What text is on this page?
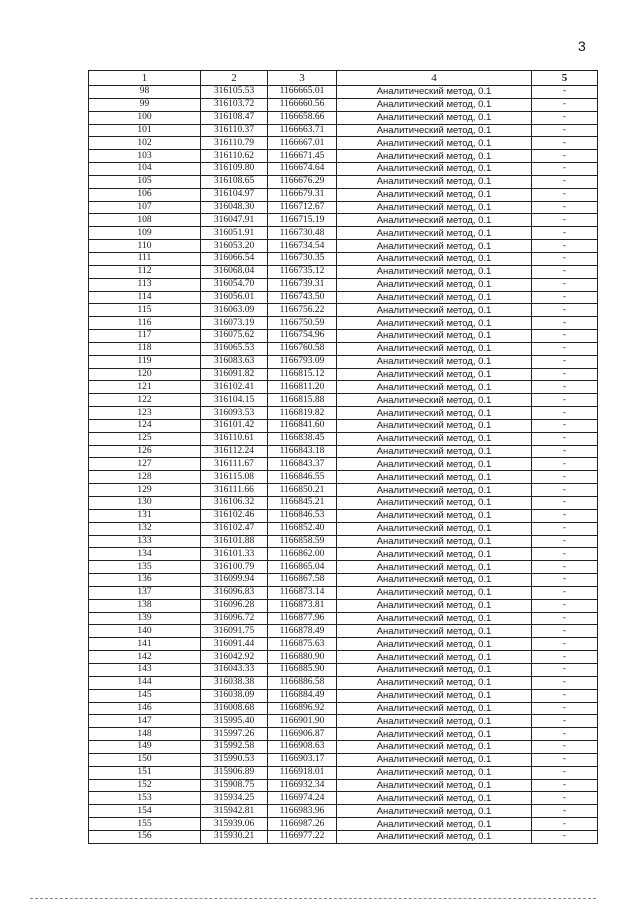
3
1	2	3	4	5
98	316105.53	1166665.01	Аналитический метод, 0.1	-
99	316103.72	1166660.56	Аналитический метод, 0.1	-
100	316108.47	1166658.66	Аналитический метод, 0.1	-
101	316110.37	1166663.71	Аналитический метод, 0.1	-
102	316110.79	1166667.01	Аналитический метод, 0.1	-
103	316110.62	1166671.45	Аналитический метод, 0.1	-
104	316109.80	1166674.64	Аналитический метод, 0.1	-
105	316108.65	1166676.29	Аналитический метод, 0.1	-
106	316104.97	1166679.31	Аналитический метод, 0.1	-
107	316048.30	1166712.67	Аналитический метод, 0.1	-
108	316047.91	1166715.19	Аналитический метод, 0.1	-
109	316051.91	1166730.48	Аналитический метод, 0.1	-
110	316053.20	1166734.54	Аналитический метод, 0.1	-
111	316066.54	1166730.35	Аналитический метод, 0.1	-
112	316068.04	1166735.12	Аналитический метод, 0.1	-
113	316054.70	1166739.31	Аналитический метод, 0.1	-
114	316056.01	1166743.50	Аналитический метод, 0.1	-
115	316063.09	1166756.22	Аналитический метод, 0.1	-
116	316073.19	1166750.59	Аналитический метод, 0.1	-
117	316075.62	1166754.96	Аналитический метод, 0.1	-
118	316065.53	1166760.58	Аналитический метод, 0.1	-
119	316083.63	1166793.09	Аналитический метод, 0.1	-
120	316091.82	1166815.12	Аналитический метод, 0.1	-
121	316102.41	1166811.20	Аналитический метод, 0.1	-
122	316104.15	1166815.88	Аналитический метод, 0.1	-
123	316093.53	1166819.82	Аналитический метод, 0.1	-
124	316101.42	1166841.60	Аналитический метод, 0.1	-
125	316110.61	1166838.45	Аналитический метод, 0.1	-
126	316112.24	1166843.18	Аналитический метод, 0.1	-
127	316111.67	1166843.37	Аналитический метод, 0.1	-
128	316115.08	1166846.55	Аналитический метод, 0.1	-
129	316111.66	1166850.21	Аналитический метод, 0.1	-
130	316106.32	1166845.21	Аналитический метод, 0.1	-
131	316102.46	1166846.53	Аналитический метод, 0.1	-
132	316102.47	1166852.40	Аналитический метод, 0.1	-
133	316101.88	1166858.59	Аналитический метод, 0.1	-
134	316101.33	1166862.00	Аналитический метод, 0.1	-
135	316100.79	1166865.04	Аналитический метод, 0.1	-
136	316099.94	1166867.58	Аналитический метод, 0.1	-
137	316096.83	1166873.14	Аналитический метод, 0.1	-
138	316096.28	1166873.81	Аналитический метод, 0.1	-
139	316096.72	1166877.96	Аналитический метод, 0.1	-
140	316091.75	1166878.49	Аналитический метод, 0.1	-
141	316091.44	1166875.63	Аналитический метод, 0.1	-
142	316042.92	1166880.90	Аналитический метод, 0.1	-
143	316043.33	1166885.90	Аналитический метод, 0.1	-
144	316038.38	1166886.58	Аналитический метод, 0.1	-
145	316038.09	1166884.49	Аналитический метод, 0.1	-
146	316008.68	1166896.92	Аналитический метод, 0.1	-
147	315995.40	1166901.90	Аналитический метод, 0.1	-
148	315997.26	1166906.87	Аналитический метод, 0.1	-
149	315992.58	1166908.63	Аналитический метод, 0.1	-
150	315990.53	1166903.17	Аналитический метод, 0.1	-
151	315906.89	1166918.01	Аналитический метод, 0.1	-
152	315908.75	1166932.34	Аналитический метод, 0.1	-
153	315934.25	1166974.24	Аналитический метод, 0.1	-
154	315942.81	1166983.96	Аналитический метод, 0.1	-
155	315939.06	1166987.26	Аналитический метод, 0.1	-
156	315930.21	1166977.22	Аналитический метод, 0.1	-
